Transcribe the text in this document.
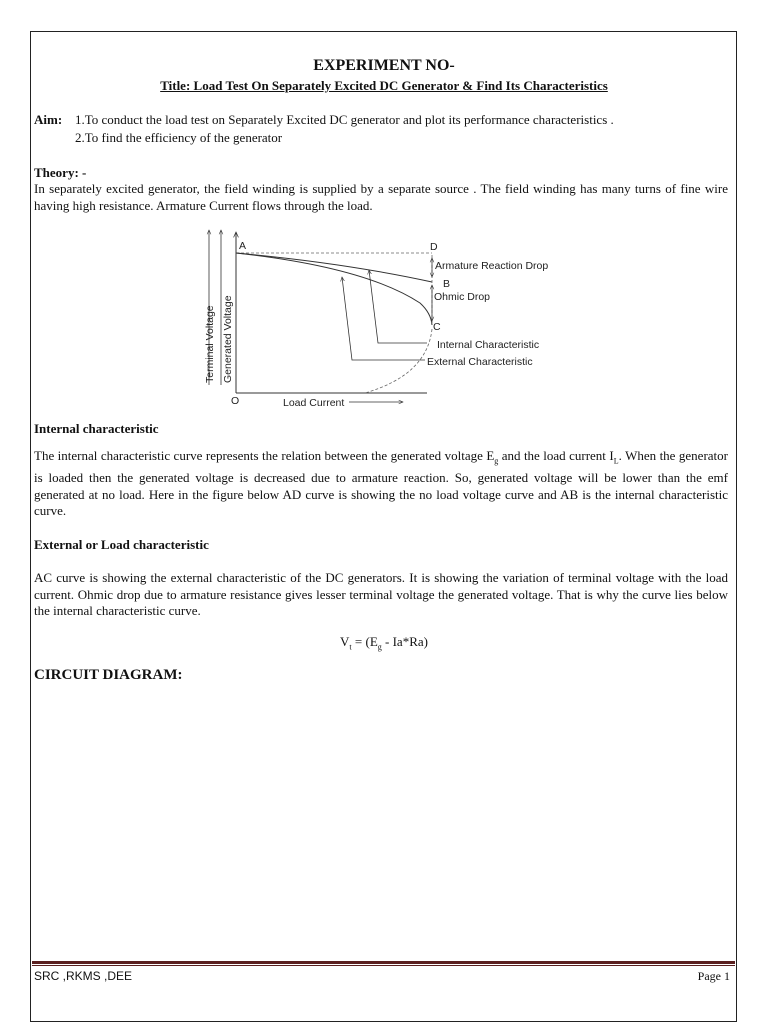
EXPERIMENT NO-
Title: Load Test On Separately Excited DC Generator & Find Its Characteristics
Aim: 1.To conduct the load test on Separately Excited DC generator and plot its performance characteristics .
2.To find the efficiency of the generator
Theory: -
In separately excited generator, the field winding is supplied by a separate source . The field winding has many turns of fine wire having high resistance. Armature Current flows through the load.
A	D
B
C
O
Armature Reaction Drop
Ohmic Drop
Internal Characteristic
External Characteristic
Load Current
Terminal Voltage Generated Voltage
Internal characteristic
The internal characteristic curve represents the relation between the generated voltage $E_g$ and the load current $I_L$. When the generator is loaded then the generated voltage is decreased due to armature reaction. So, generated voltage will be lower than the emf generated at no load. Here in the figure below AD curve is showing the no load voltage curve and AB is the internal characteristic curve.
External or Load characteristic
AC curve is showing the external characteristic of the DC generators. It is showing the variation of terminal voltage with the load current. Ohmic drop due to armature resistance gives lesser terminal voltage the generated voltage. That is why the curve lies below the internal characteristic curve.
$V_t = (E_g - Ia*Ra)$
CIRCUIT DIAGRAM:
SRC ,RKMS ,DEE	Page 1
